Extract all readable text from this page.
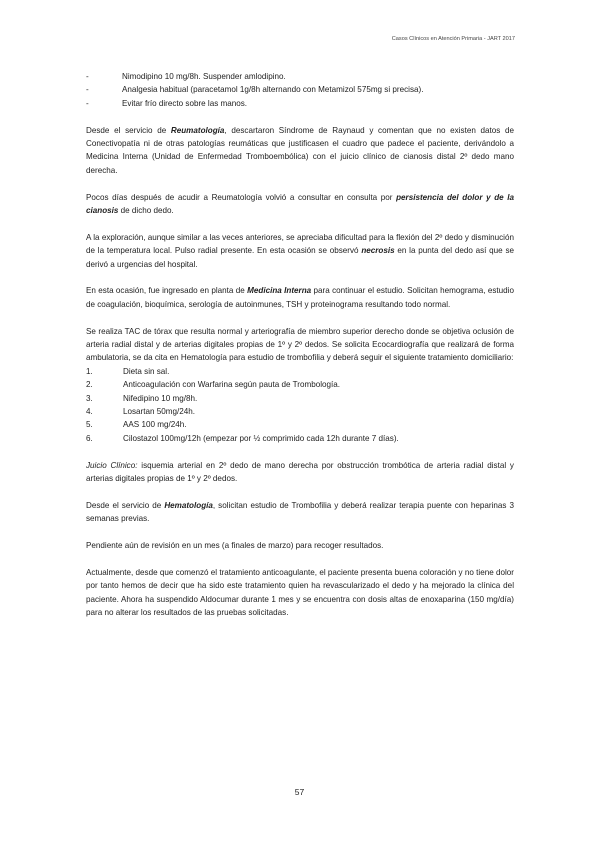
Casos Clínicos en Atención Primaria - JART 2017
-	Nimodipino 10 mg/8h. Suspender amlodipino.
-	Analgesia habitual (paracetamol 1g/8h alternando con Metamizol 575mg si precisa).
-	Evitar frío directo sobre las manos.

Desde el servicio de Reumatología, descartaron Síndrome de Raynaud y comentan que no existen datos de Conectivopatía ni de otras patologías reumáticas que justificasen el cuadro que padece el paciente, derivándolo a Medicina Interna (Unidad de Enfermedad Tromboembólica) con el juicio clínico de cianosis distal 2º dedo mano derecha.

Pocos días después de acudir a Reumatología volvió a consultar en consulta por persistencia del dolor y de la cianosis de dicho dedo.

A la exploración, aunque similar a las veces anteriores, se apreciaba dificultad para la flexión del 2º dedo y disminución de la temperatura local. Pulso radial presente. En esta ocasión se observó necrosis en la punta del dedo así que se derivó a urgencias del hospital.

En esta ocasión, fue ingresado en planta de Medicina Interna para continuar el estudio. Solicitan hemograma, estudio de coagulación, bioquímica, serología de autoinmunes, TSH y proteinograma resultando todo normal.

Se realiza TAC de tórax que resulta normal y arteriografía de miembro superior derecho donde se objetiva oclusión de arteria radial distal y de arterias digitales propias de 1º y 2º dedos. Se solicita Ecocardiografía que realizará de forma ambulatoria, se da cita en Hematología para estudio de trombofilia y deberá seguir el siguiente tratamiento domiciliario:

1.	Dieta sin sal.
2.	Anticoagulación con Warfarina según pauta de Trombología.
3.	Nifedipino 10 mg/8h.
4.	Losartan 50mg/24h.
5.	AAS 100 mg/24h.
6.	Cilostazol 100mg/12h (empezar por ½ comprimido cada 12h durante 7 días).

Juicio Clínico: isquemia arterial en 2º dedo de mano derecha por obstrucción trombótica de arteria radial distal y arterias digitales propias de 1º y 2º dedos.

Desde el servicio de Hematología, solicitan estudio de Trombofilia y deberá realizar terapia puente con heparinas 3 semanas previas.

Pendiente aún de revisión en un mes (a finales de marzo) para recoger resultados.

Actualmente, desde que comenzó el tratamiento anticoagulante, el paciente presenta buena coloración y no tiene dolor por tanto hemos de decir que ha sido este tratamiento quien ha revascularizado el dedo y ha mejorado la clínica del paciente. Ahora ha suspendido Aldocumar durante 1 mes y se encuentra con dosis altas de enoxaparina (150 mg/día) para no alterar los resultados de las pruebas solicitadas.

57
